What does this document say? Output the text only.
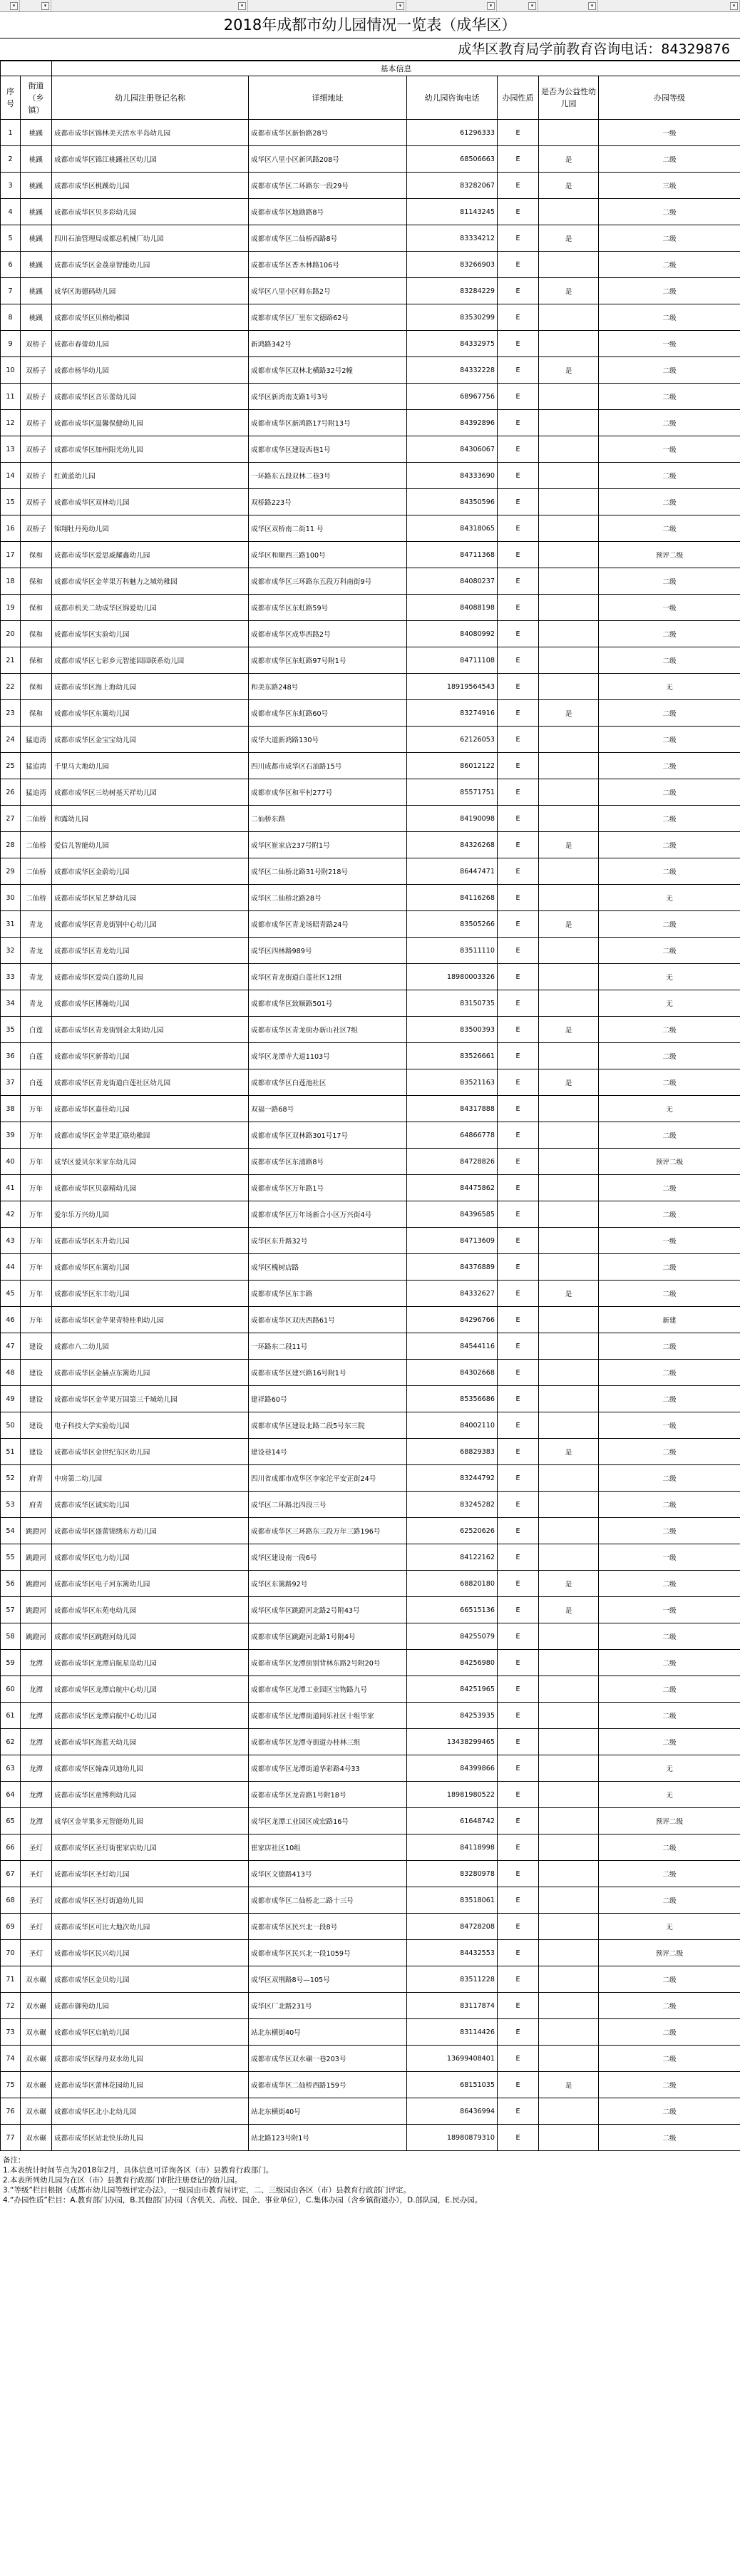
▾	▾	▾	▾	▾	▾	▾	▾
2018年成都市幼儿园情况一览表（成华区）
成华区教育局学前教育咨询电话：84329876
		基本信息					
序号	街道（乡镇）	幼儿园注册登记名称	详细地址	幼儿园咨询电话	办园性质	是否为公益性幼儿园	办园等级
1	桃蹊	成都市成华区锦林美天活水半岛幼儿园	成都市成华区新怡路28号	61296333	E		一级
2	桃蹊	成都市成华区锦江桃蹊社区幼儿园	成华区八里小区新风路208号	68506663	E	是	二级
3	桃蹊	成都市成华区桃蹊幼儿园	成都市成华区二环路东一段29号	83282067	E	是	三级
4	桃蹊	成都市成华区贝多彩幼儿园	成都市成华区地勘路8号	81143245	E		二级
5	桃蹊	四川石油管理局成都总机械厂幼儿园	成都市成华区二仙桥西路8号	83334212	E	是	二级
6	桃蹊	成都市成华区金荔泉智能幼儿园	成都市成华区香木林路106号	83266903	E		二级
7	桃蹊	成华区海德码幼儿园	成华区八里小区师东路2号	83284229	E	是	二级
8	桃蹊	成都市成华区贝格幼稚园	成都市成华区厂里东文德路62号	83530299	E		二级
9	双桥子	成都市春蕾幼儿园	新鸿路342号	84332975	E		一级
10	双桥子	成都市杨华幼儿园	成都市成华区双林北横路32号2幢	84332228	E	是	二级
11	双桥子	成都市成华区音乐蕾幼儿园	成华区新鸿南支路1号3号	68967756	E		二级
12	双桥子	成都市成华区温馨保健幼儿园	成都市成华区新鸿路17号附13号	84392896	E		二级
13	双桥子	成都市成华区加州阳光幼儿园	成都市成华区建设西巷1号	84306067	E		一级
14	双桥子	红黄蓝幼儿园	一环路东五段双林二巷3号	84333690	E		二级
15	双桥子	成都市成华区双林幼儿园	双桥路223号	84350596	E		二级
16	双桥子	锦翔牡丹苑幼儿园	成华区双桥南二街11 号	84318065	E		二级
17	保和	成都市成华区爱思威耀鑫幼儿园	成华区和顺西三路100号	84711368	E		预评二级
18	保和	成都市成华区金苹果万科魅力之城幼稚园	成都市成华区三环路东五段万科南街9号	84080237	E		二级
19	保和	成都市机关二幼成华区锦爱幼儿园	成都市成华区东虹路59号	84088198	E		一级
20	保和	成都市成华区实验幼儿园	成都市成华区成华西路2号	84080992	E		二级
21	保和	成都市成华区七彩乡元智能园园联系幼儿园	成都市成华区东虹路97号附1号	84711108	E		二级
22	保和	成都市成华区海上海幼儿园	和美东路248号	18919564543	E		无
23	保和	成都市成华区东篱幼儿园	成都市成华区东虹路60号	83274916	E	是	二级
24	猛追湾	成都市成华区金宝宝幼儿园	成华大道新鸿路130号	62126053	E		二级
25	猛追湾	千里马大地幼儿园	四川成都市成华区石油路15号	86012122	E		二级
26	猛追湾	成都市成华区三幼树基天祥幼儿园	成都市成华区和平村277号	85571751	E		二级
27	二仙桥	和露幼儿园	二仙桥东路	84190098	E		二级
28	二仙桥	爱信儿智能幼儿园	成华区崔家店237号附1号	84326268	E	是	二级
29	二仙桥	成都市成华区金蔚幼儿园	成华区二仙桥北路31号附218号	86447471	E		二级
30	二仙桥	成都市成华区星艺梦幼儿园	成华区二仙桥北路28号	84116268	E		无
31	青龙	成都市成华区青龙街别中心幼儿园	成都市成华区青龙场昭青路24号	83505266	E	是	二级
32	青龙	成都市成华区青龙幼儿园	成华区四林路989号	83511110	E		二级
33	青龙	成都市成华区爱尚白莲幼儿园	成华区青龙街道白莲社区12组	18980003326	E		无
34	青龙	成都市成华区博瀚幼儿园	成都市成华区致顺路501号	83150735	E		无
35	白莲	成都市成华区青龙街别金太阳幼儿园	成都市成华区青龙街办新山社区7组	83500393	E	是	二级
36	白莲	成都市成华区新蓉幼儿园	成华区龙潭寺大道1103号	83526661	E		二级
37	白莲	成都市成华区青龙街道白莲社区幼儿园	成都市成华区白莲池社区	83521163	E	是	二级
38	万年	成都市成华区嘉佳幼儿园	双福一路68号	84317888	E		无
39	万年	成都市成华区金苹果汇联幼稚园	成都市成华区双林路301号17号	64866778	E		二级
40	万年	成华区爱贝尔米家东幼儿园	成都市成华区东浦路8号	84728826	E		预评二级
41	万年	成都市成华区贝嘉精幼儿园	成都市成华区万年路1号	84475862	E		二级
42	万年	爱尔乐万兴幼儿园	成都市成华区万年场新合小区万兴街4号	84396585	E		二级
43	万年	成都市成华区东升幼儿园	成华区东升路32号	84713609	E		一级
44	万年	成都市成华区东篱幼儿园	成华区槐树店路	84376889	E		二级
45	万年	成都市成华区东丰幼儿园	成都市成华区东丰路	84332627	E	是	二级
46	万年	成都市成华区金苹果青特桂利幼儿园	成都市成华区双庆西路61号	84296766	E		新建
47	建设	成都市八二幼儿园	一环路东二段11号	84544116	E		二级
48	建设	成都市成华区金赫点东篱幼儿园	成都市成华区建兴路16号附1号	84302668	E		二级
49	建设	成都市成华区金苹果万国第三千城幼儿园	建祥路60号	85356686	E		二级
50	建设	电子科技大学实验幼儿园	成都市成华区建设北路二段5号东三院	84002110	E		一级
51	建设	成都市成华区金世纪东区幼儿园	建设巷14号	68829383	E	是	二级
52	府青	中房第二幼儿园	四川省成都市成华区李家沱平安正街24号	83244792	E		二级
53	府青	成都市成华区诚实幼儿园	成华区二环路北四段三号	83245282	E		二级
54	跳蹬河	成都市成华区盛蕾锦绣东方幼儿园	成都市成华区三环路东三段万年三路196号	62520626	E		二级
55	跳蹬河	成都市成华区电力幼儿园	成华区建设南一段6号	84122162	E		一级
56	跳蹬河	成都市成华区电子河东篱幼儿园	成华区东篱路92号	68820180	E	是	二级
57	跳蹬河	成都市成华区东苑电幼儿园	成华区成华区跳蹬河北路2号附43号	66515136	E	是	一级
58	跳蹬河	成都市成华区跳蹬河幼儿园	成都市成华区跳蹬河北路1号附4号	84255079	E		二级
59	龙潭	成都市成华区龙潭启航星岛幼儿园	成都市成华区龙潭街别背林东路2号附20号	84256980	E		二级
60	龙潭	成都市成华区龙潭启航中心幼儿园	成都市成华区龙潭工业园区宝物路九号	84251965	E		二级
61	龙潭	成都市成华区龙潭启航中心幼儿园	成都市成华区龙潭街道同乐社区十组毕家	84253935	E		二级
62	龙潭	成都市成华区海蓝天幼儿园	成都市成华区龙潭寺街道办桂林三组	13438299465	E		二级
63	龙潭	成都市成华区翰森贝迪幼儿园	成都市成华区龙潭街道华彩路4号33	84399866	E		无
64	龙潭	成都市成华区童博利幼儿园	成都市成华区龙青路1号附18号	18981980522	E		无
65	龙潭	成华区金苹果多元智能幼儿园	成华区龙潭工业园区成宏路16号	61648742	E		预评二级
66	圣灯	成都市成华区圣灯街崔家店幼儿园	崔家店社区10组	84118998	E		二级
67	圣灯	成都市成华区圣灯幼儿园	成华区文德路413号	83280978	E		二级
68	圣灯	成都市成华区圣灯街道幼儿园	成都市成华区二仙桥北二路十三号	83518061	E		二级
69	圣灯	成都市成华区可比大地次幼儿园	成都市成华区民兴北一段8号	84728208	E		无
70	圣灯	成都市成华区民兴幼儿园	成都市成华区民兴北一段1059号	84432553	E		预评二级
71	双水碾	成都市成华区金贝幼儿园	成华区双荆路8号—105号	83511228	E		二级
72	双水碾	成都市御苑幼儿园	成华区厂北路231号	83117874	E		二级
73	双水碾	成都市成华区启航幼儿园	站北东横街40号	83114426	E		二级
74	双水碾	成都市成华区绿舟双水幼儿园	成都市成华区双水碾一巷203号	13699408401	E		二级
75	双水碾	成都市成华区蕾林花园幼儿园	成都市成华区二仙桥西路159号	68151035	E	是	二级
76	双水碾	成都市成华区北小北幼儿园	站北东横街40号	86436994	E		二级
77	双水碾	成都市成华区站北快乐幼儿园	站北路123号附1号	18980879310	E		二级
备注：
1.本表统计时间节点为2018年2月，具体信息可详询各区（市）县教育行政部门。
2.本表所列幼儿园为在区（市）县教育行政部门审批注册登记的幼儿园。
3.“等级”栏目根据《成都市幼儿园等级评定办法》，一级园由市教育局评定，二、三级园由各区（市）县教育行政部门评定。
4.“办园性质”栏目：A.教育部门办园，B.其他部门办园（含机关、高校、国企、事业单位），C.集体办园（含乡镇街道办），D.部队园，E.民办园。
